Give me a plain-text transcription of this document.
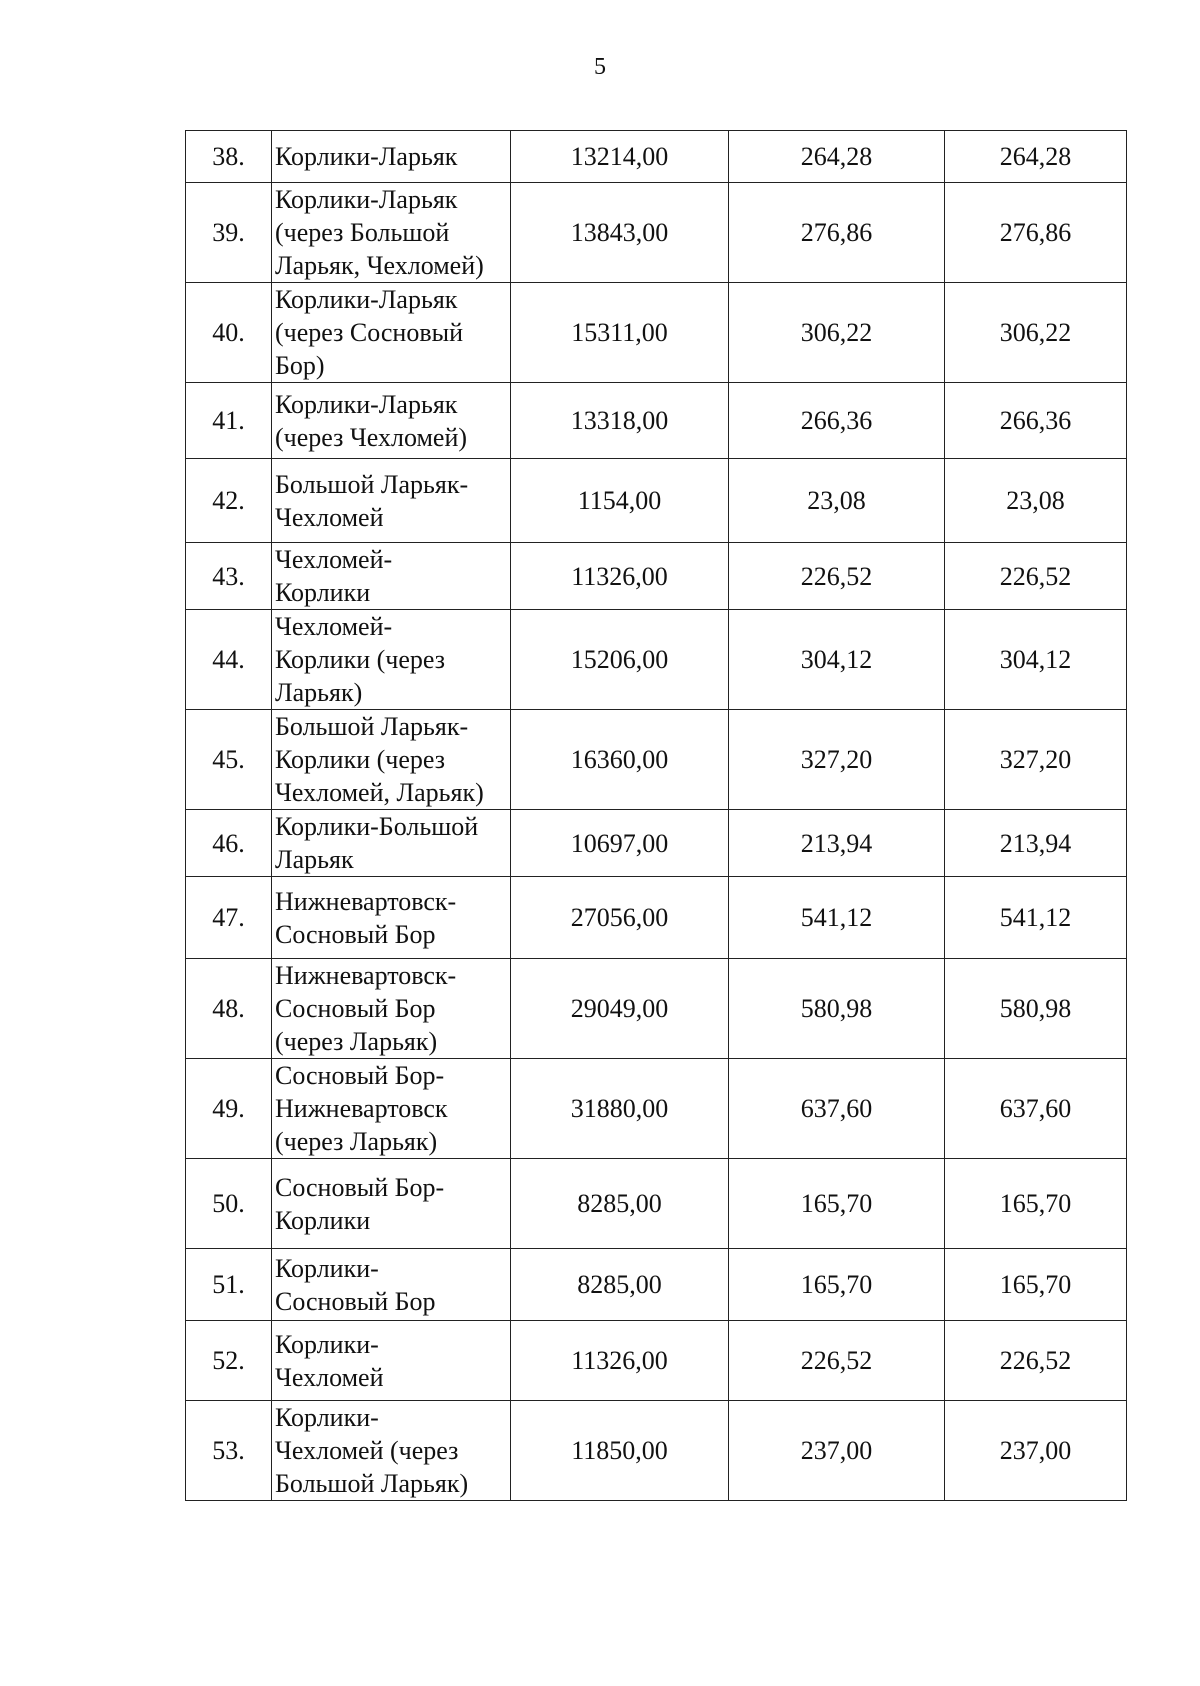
5
38.	Корлики-Ларьяк	13214,00	264,28	264,28
39.	Корлики-Ларьяк
(через Большой
Ларьяк, Чехломей)	13843,00	276,86	276,86
40.	Корлики-Ларьяк
(через Сосновый
Бор)	15311,00	306,22	306,22
41.	Корлики-Ларьяк
(через Чехломей)	13318,00	266,36	266,36
42.	Большой Ларьяк-
Чехломей	1154,00	23,08	23,08
43.	Чехломей-
Корлики	11326,00	226,52	226,52
44.	Чехломей-
Корлики (через
Ларьяк)	15206,00	304,12	304,12
45.	Большой Ларьяк-
Корлики (через
Чехломей, Ларьяк)	16360,00	327,20	327,20
46.	Корлики-Большой
Ларьяк	10697,00	213,94	213,94
47.	Нижневартовск-
Сосновый Бор	27056,00	541,12	541,12
48.	Нижневартовск-
Сосновый Бор
(через Ларьяк)	29049,00	580,98	580,98
49.	Сосновый Бор-
Нижневартовск
(через Ларьяк)	31880,00	637,60	637,60
50.	Сосновый Бор-
Корлики	8285,00	165,70	165,70
51.	Корлики-
Сосновый Бор	8285,00	165,70	165,70
52.	Корлики-
Чехломей	11326,00	226,52	226,52
53.	Корлики-
Чехломей (через
Большой Ларьяк)	11850,00	237,00	237,00
